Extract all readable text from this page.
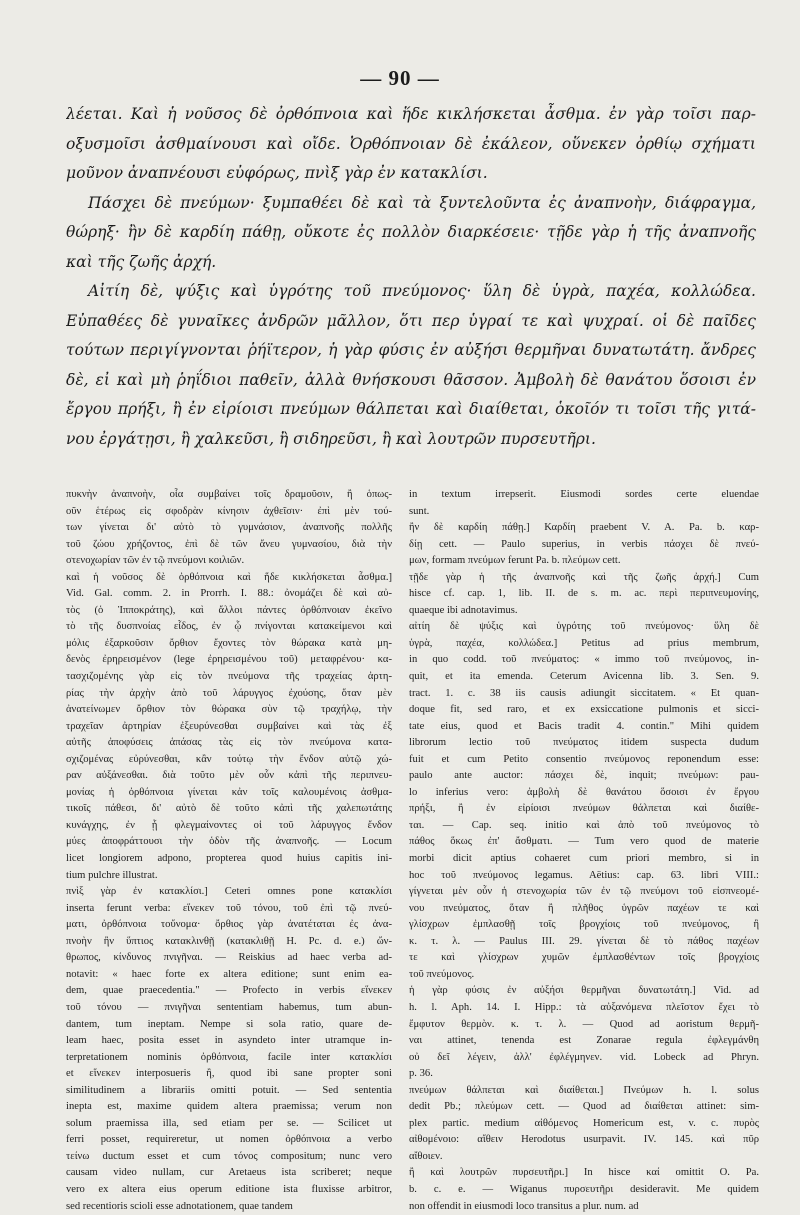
— 90 —
λέεται. Καὶ ἡ νοῦσος δὲ ὀρθόπνοια καὶ ἥδε κικλήσκεται ἆσθμα. ἐν γὰρ τοῖσι παρ-
οξυσμοῖσι ἀσθμαίνουσι καὶ οἴδε. Ὀρθόπνοιαν δὲ ἐκάλεον, οὕνεκεν ὀρθίῳ σχήματι
μοῦνον ἀναπνέουσι εὐφόρως, πνὶξ γὰρ ἐν κατακλίσι.
Πάσχει δὲ πνεύμων· ξυμπαθέει δὲ καὶ τὰ ξυντελοῦντα ἐς ἀναπνοὴν, διάφραγμα,
θώρηξ· ἢν δὲ καρδίη πάθῃ, οὔκοτε ἐς πολλὸν διαρκέσειε· τῇδε γὰρ ἡ τῆς ἀναπνοῆς
καὶ τῆς ζωῆς ἀρχή.
Αἰτίη δὲ, ψύξις καὶ ὑγρότης τοῦ πνεύμονος· ὕλη δὲ ὑγρὰ, παχέα, κολλώδεα.
Εὐπαθέες δὲ γυναῖκες ἀνδρῶν μᾶλλον, ὅτι περ ὑγραί τε καὶ ψυχραί. οἱ δὲ παῖδες
τούτων περιγίγνονται ῥήϊτερον, ἡ γὰρ φύσις ἐν αὐξήσι θερμῆναι δυνατωτάτη. ἄνδρες
δὲ, εἰ καὶ μὴ ῥηΐδιοι παθεῖν, ἀλλὰ θνήσκουσι θᾶσσον. Ἀμβολὴ δὲ θανάτου ὅσοισι ἐν
ἔργου πρήξι, ἢ ἐν εἰρίοισι πνεύμων θάλπεται καὶ διαίθεται, ὁκοῖόν τι τοῖσι τῆς γιτά-
νου ἐργάτῃσι, ἢ χαλκεῦσι, ἢ σιδηρεῦσι, ἢ καὶ λουτρῶν πυρσευτῆρι.
πυκνὴν ἀναπνοὴν, οἷα συμβαίνει τοῖς δραμοῦσιν, ἢ ὁπως-
οῦν ἑτέρως εἰς σφοδρὰν κίνησιν ἀχθεῖσιν· ἐπὶ μὲν τού-
των γίνεται δι' αὐτὸ τὸ γυμνάσιον, ἀναπνοῆς πολλῆς
τοῦ ζώου χρήζοντος, ἐπὶ δὲ τῶν ἄνευ γυμνασίου, διὰ τὴν
στενοχωρίαν τῶν ἐν τῷ πνεύμονι κοιλιῶν.
καὶ ἡ νοῦσος δὲ ὀρθόπνοια καὶ ἥδε κικλήσκεται ἆσθμα.]
Vid. Gal. comm. 2. in Prorrh. I. 88.: ὀνομάζει δὲ καὶ αὐ-
τὸς (ὁ Ἱπποκράτης), καὶ ἄλλοι πάντες ὀρθόπνοιαν ἐκεῖνο
τὸ τῆς δυσπνοίας εἶδος, ἐν ᾧ πνίγονται κατακείμενοι καὶ
μόλις ἐξαρκοῦσιν ὄρθιον ἔχοντες τὸν θώρακα κατὰ μη-
δενὸς ἐρηρεισμένον (lege ἐρηρεισμένου τοῦ) μεταφρένου· κα-
τασχιζομένης γὰρ εἰς τὸν πνεύμονα τῆς τραχείας ἀρτη-
ρίας τὴν ἀρχὴν ἀπὸ τοῦ λάρυγγος ἐχούσης, ὅταν μὲν
ἀνατείνωμεν ὄρθιον τὸν θώρακα σὺν τῷ τραχήλῳ, τὴν
τραχεῖαν ἀρτηρίαν ἐξευρύνεσθαι συμβαίνει καὶ τὰς ἐξ
αὐτῆς ἀποφύσεις ἁπάσας τὰς εἰς τὸν πνεύμονα κατα-
σχιζομένας εὐρύνεσθαι, κἂν τούτῳ τὴν ἔνδον αὐτῷ χώ-
ραν αὐξάνεσθαι. διὰ τοῦτο μὲν οὖν κἀπὶ τῆς περιπνευ-
μονίας ἡ ὀρθόπνοια γίνεται κἀν τοῖς καλουμένοις ἀσθμα-
τικοῖς πάθεσι, δι' αὐτὸ δὲ τοῦτο κἀπὶ τῆς χαλεπωτάτης
κυνάγχης, ἐν ᾗ φλεγμαίνοντες οἱ τοῦ λάρυγγος ἔνδον
μύες ἀποφράττουσι τὴν ὁδὸν τῆς ἀναπνοῆς. — Locum
licet longiorem adpono, propterea quod huius capitis ini-
tium pulchre illustrat.
πνὶξ γὰρ ἐν κατακλίσι.] Ceteri omnes pone κατακλίσι
inserta ferunt verba: εἵνεκεν τοῦ τόνου, τοῦ ἐπὶ τῷ πνεύ-
ματι, ὀρθόπνοια τοὔνομα· ὄρθιος γὰρ ἀνατέταται ἐς ἀνα-
πνοὴν ἢν ὕπτιος κατακλινθῇ (κατακλιθῇ H. Pc. d. e.) ὤν-
θρωπος, κίνδυνος πνιγῆναι. — Reiskius ad haec verba ad-
notavit: « haec forte ex altera editione; sunt enim ea-
dem, quae praecedentia." — Profecto in verbis εἵνεκεν
τοῦ τόνου — πνιγῆναι sententiam habemus, tum abun-
dantem, tum ineptam. Nempe si sola ratio, quare de-
leam haec, posita esset in asyndeto inter utramque in-
terpretationem nominis ὀρθόπνοια, facile inter κατακλίσι
et εἵνεκεν interposueris ἢ, quod ibi sane propter soni
similitudinem a librariis omitti potuit. — Sed sententia
inepta est, maxime quidem altera praemissa; verum non
solum praemissa illa, sed etiam per se. — Scilicet ut
ferri posset, requireretur, ut nomen ὀρθόπνοια a verbo
τείνω ductum esset et cum τόνος compositum; nunc vero
causam video nullam, cur Aretaeus ista scriberet; neque
vero ex altera eius operum editione ista fluxisse arbitror,
sed recentioris scioli esse adnotationem, quae tandem
in textum irrepserit. Eiusmodi sordes certe eluendae
sunt.
ἢν δὲ καρδίη πάθῃ.] Καρδίη praebent V. A. Pa. b. καρ-
δίῃ cett. — Paulo superius, in verbis πάσχει δὲ πνεύ-
μων, formam πνεύμων ferunt Pa. b. πλεύμων cett.
τῇδε γὰρ ἡ τῆς ἀναπνοῆς καὶ τῆς ζωῆς ἀρχή.] Cum
hisce cf. cap. 1, lib. II. de s. m. ac. περὶ περιπνευμονίης,
quaeque ibi adnotavimus.
αἰτίη δὲ ψύξις καὶ ὑγρότης τοῦ πνεύμονος· ὕλη δὲ
ὑγρὰ, παχέα, κολλώδεα.] Petitus ad prius membrum,
in quo codd. τοῦ πνεύματος: « immo τοῦ πνεύμονος, in-
quit, et ita emenda. Ceterum Avicenna lib. 3. Sen. 9.
tract. 1. c. 38 iis causis adiungit siccitatem. « Et quan-
doque fit, sed raro, et ex exsiccatione pulmonis et sicci-
tate eius, quod et Bacis tradit 4. contin." Mihi quidem
librorum lectio τοῦ πνεύματος itidem suspecta dudum
fuit et cum Petito consentio πνεύμονος reponendum esse:
paulo ante auctor: πάσχει δὲ, inquit; πνεύμων: pau-
lo inferius vero: ἀμβολὴ δὲ θανάτου ὅσοισι ἐν ἔργου
πρήξι, ἢ ἐν εἰρίοισι πνεύμων θάλπεται καὶ διαίθε-
ται. — Cap. seq. initio καὶ ἀπὸ τοῦ πνεύμονος τὸ
πάθος ὅκως ἐπ' ἄσθματι. — Tum vero quod de materie
morbi dicit aptius cohaeret cum priori membro, si in
hoc τοῦ πνεύμονος legamus. Aëtius: cap. 63. libri VIII.:
γίγνεται μὲν οὖν ἡ στενοχωρία τῶν ἐν τῷ πνεύμονι τοῦ εἰσπνεομέ-
νου πνεύματος, ὅταν ἢ πλῆθος ὑγρῶν παχέων τε καὶ
γλίσχρων ἐμπλασθῇ τοῖς βρογχίοις τοῦ πνεύμονος, ἢ
κ. τ. λ. — Paulus III. 29. γίνεται δὲ τὸ πάθος παχέων
τε καὶ γλίσχρων χυμῶν ἐμπλασθέντων τοῖς βρογχίοις
τοῦ πνεύμονος.
ἡ γὰρ φύσις ἐν αὐξήσι θερμῆναι δυνατωτάτη.] Vid. ad
h. l. Aph. 14. I. Hipp.: τὰ αὐξανόμενα πλεῖστον ἔχει τὸ
ἔμφυτον θερμὸν. κ. τ. λ. — Quod ad aoristum θερμῆ-
ναι attinet, tenenda est Zonarae regula ἐφλεγμάνθη
οὐ δεῖ λέγειν, ἀλλ' ἐφλέγμηνεν. vid. Lobeck ad Phryn.
p. 36.
πνεύμων θάλπεται καὶ διαίθεται.] Πνεύμων h. l. solus
dedit Pb.; πλεύμων cett. — Quod ad διαίθεται attinet: sim-
plex partic. medium αἰθόμενος Homericum est, v. c. πυρὸς
αἰθομένοιο: αἴθειν Herodotus usurpavit. IV. 145. καὶ πῦρ
αἴθοιεν.
ἢ καὶ λουτρῶν πυρσευτῆρι.] In hisce καί omittit O. Pa.
b. c. e. — Wiganus πυρσευτῆρι desideravit. Me quidem
non offendit in eiusmodi loco transitus a plur. num. ad
